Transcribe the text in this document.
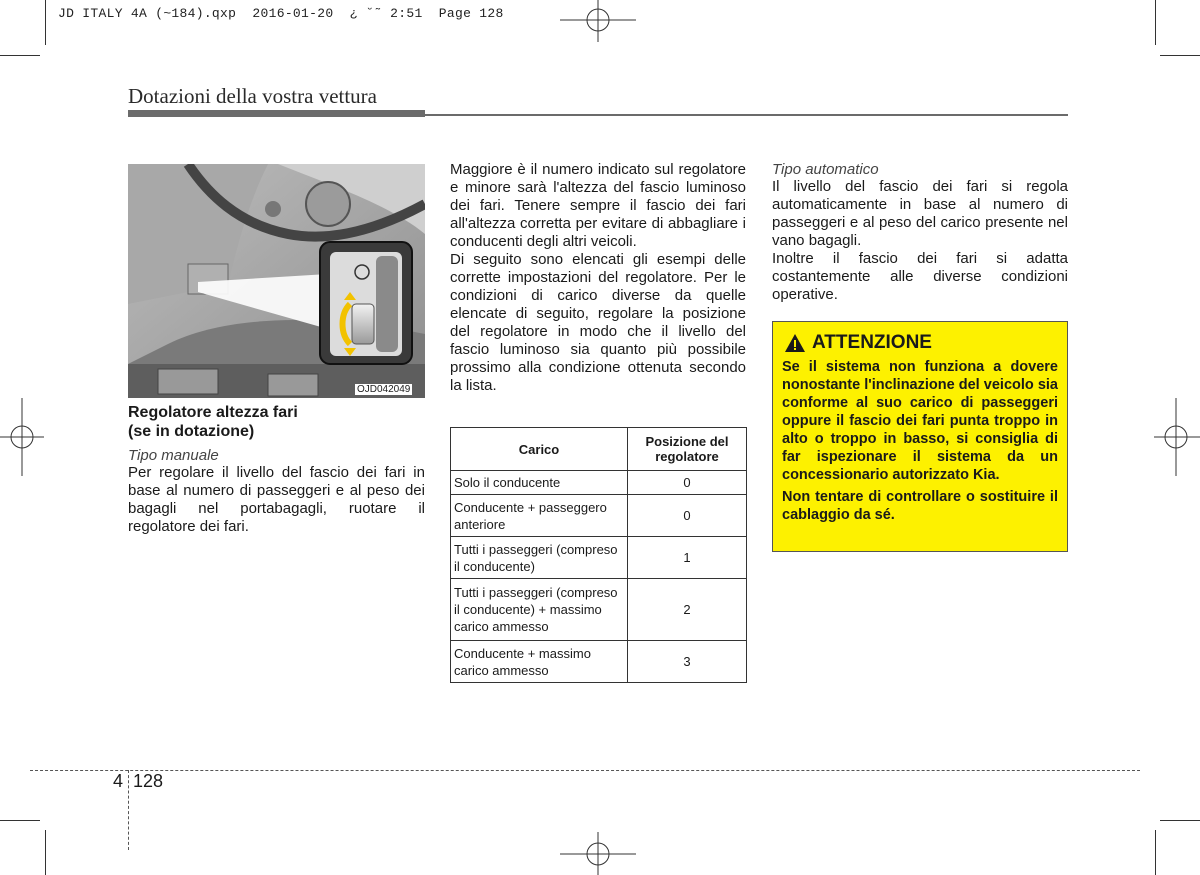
JD ITALY 4A (~184).qxp  2016-01-20  ¿ ˘˜ 2:51  Page 128
Dotazioni della vostra vettura
OJD042049
Regolatore altezza fari
(se in dotazione)
Tipo manuale
Per regolare il livello del fascio dei fari in base al numero di passeggeri e al peso dei bagagli nel portabagagli, ruotare il regolatore dei fari.

Maggiore è il numero indicato sul regolatore e minore sarà l'altezza del fascio luminoso dei fari. Tenere sempre il fascio dei fari all'altezza corretta per evitare di abbagliare i conducenti degli altri veicoli.

Di seguito sono elencati gli esempi delle corrette impostazioni del regolatore. Per le condizioni di carico diverse da quelle elencate di seguito, regolare la posizione del regolatore in modo che il livello del fascio luminoso sia quanto più possibile prossimo alla condizione ottenuta secondo la lista.

Carico	Posizione del regolatore
Solo il conducente	0
Conducente + passeggero anteriore	0
Tutti i passeggeri (compreso il conducente)	1
Tutti i passeggeri (compreso il conducente) + massimo carico ammesso	2
Conducente + massimo carico ammesso	3
Tipo automatico

Il livello del fascio dei fari si regola automaticamente in base al numero di passeggeri e al peso del carico presente nel vano bagagli.

Inoltre il fascio dei fari si adatta costantemente alle diverse condizioni operative.

ATTENZIONE

Se il sistema non funziona a dovere nonostante l'inclinazione del veicolo sia conforme al suo carico di passeggeri oppure il fascio dei fari punta troppo in alto o troppo in basso, si consiglia di far ispezionare il sistema da un concessionario autorizzato Kia.

Non tentare di controllare o sostituire il cablaggio da sé.

4 128
